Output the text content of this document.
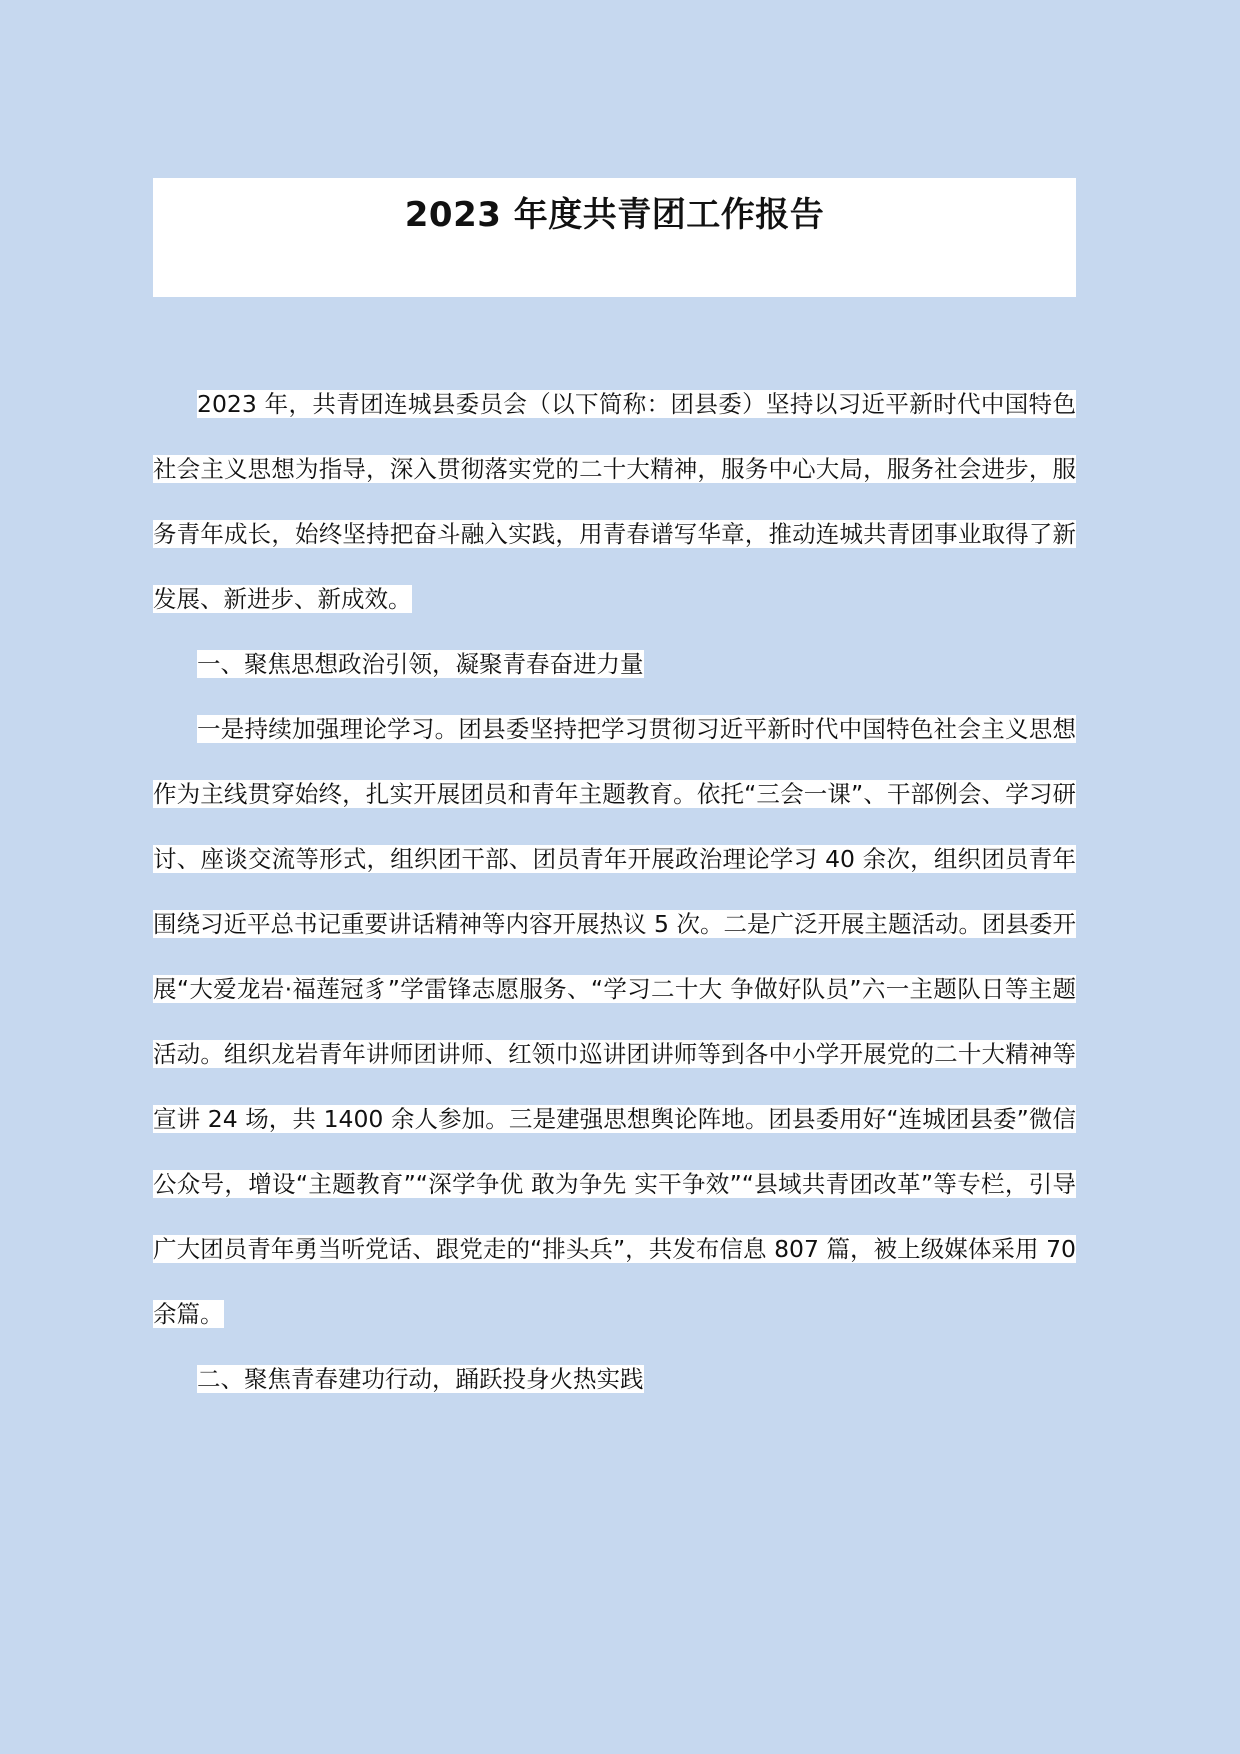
2023 年度共青团工作报告

2023 年，共青团连城县委员会（以下简称：团县委）坚持以习近平新时代中国特色社会主义思想为指导，深入贯彻落实党的二十大精神，服务中心大局，服务社会进步，服务青年成长，始终坚持把奋斗融入实践，用青春谱写华章，推动连城共青团事业取得了新发展、新进步、新成效。

一、聚焦思想政治引领，凝聚青春奋进力量

一是持续加强理论学习。团县委坚持把学习贯彻习近平新时代中国特色社会主义思想作为主线贯穿始终，扎实开展团员和青年主题教育。依托“三会一课”、干部例会、学习研讨、座谈交流等形式，组织团干部、团员青年开展政治理论学习 40 余次，组织团员青年围绕习近平总书记重要讲话精神等内容开展热议 5 次。二是广泛开展主题活动。团县委开展“大爱龙岩·福莲冠豸”学雷锋志愿服务、“学习二十大 争做好队员”六一主题队日等主题活动。组织龙岩青年讲师团讲师、红领巾巡讲团讲师等到各中小学开展党的二十大精神等宣讲 24 场，共 1400 余人参加。三是建强思想舆论阵地。团县委用好“连城团县委”微信公众号，增设“主题教育”“深学争优 敢为争先 实干争效”“县域共青团改革”等专栏，引导广大团员青年勇当听党话、跟党走的“排头兵”，共发布信息 807 篇，被上级媒体采用 70 余篇。

二、聚焦青春建功行动，踊跃投身火热实践
